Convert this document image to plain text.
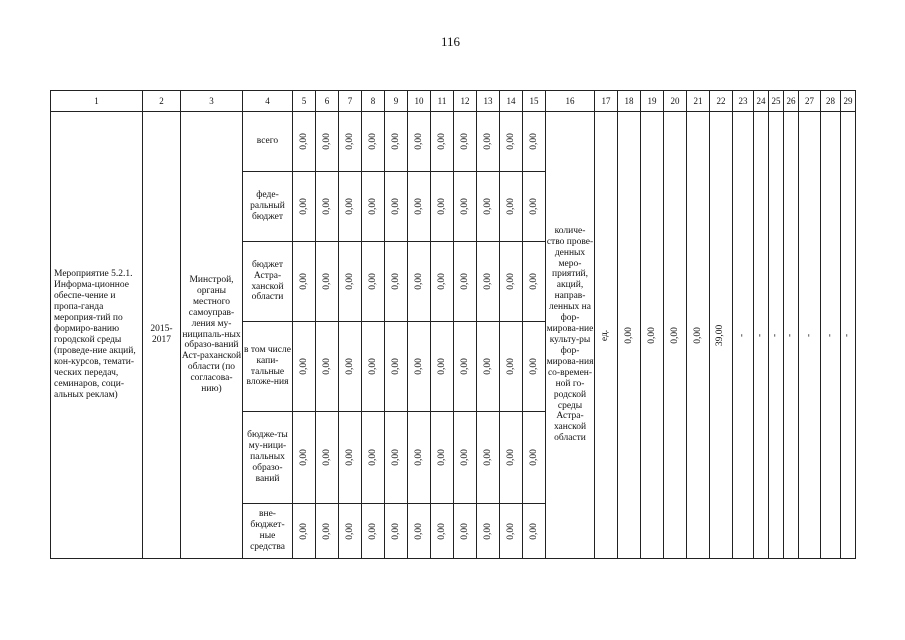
116
1	2	3	4	5	6	7	8	9	10	11	12	13	14	15	16	17	18	19	20	21	22	23	24	25	26	27	28	29
Мероприятие 5.2.1. Информа-ционное обеспе-чение и пропа-ганда мероприя-тий по формиро-ванию городской среды (проведе-ние акций, кон-курсов, темати-ческих передач, семинаров, соци-альных реклам)	2015-2017	Минстрой, органы местного самоуправ-ления му-ниципаль-ных образо-ваний Аст-раханской области (по согласова-нию)	всего	0,00	0,00	0,00	0,00	0,00	0,00	0,00	0,00	0,00	0,00	0,00	количе-ство прове-денных меро-приятий, акций, направ-ленных на фор-мирова-ние культу-ры фор-мирова-ния со-времен-ной го-родской среды Астра-ханской области	ед.	0,00	0,00	0,00	0,00	39,00	-	-	-	-	-	-	-
			феде-ральный бюджет	0,00	0,00	0,00	0,00	0,00	0,00	0,00	0,00	0,00	0,00	0,00														
			бюджет Астра-ханской области	0,00	0,00	0,00	0,00	0,00	0,00	0,00	0,00	0,00	0,00	0,00														
			в том числе капи-тальные вложе-ния	0,00	0,00	0,00	0,00	0,00	0,00	0,00	0,00	0,00	0,00	0,00														
			бюдже-ты му-ници-пальных образо-ваний	0,00	0,00	0,00	0,00	0,00	0,00	0,00	0,00	0,00	0,00	0,00														
			вне-бюджет-ные средства	0,00	0,00	0,00	0,00	0,00	0,00	0,00	0,00	0,00	0,00	0,00														
